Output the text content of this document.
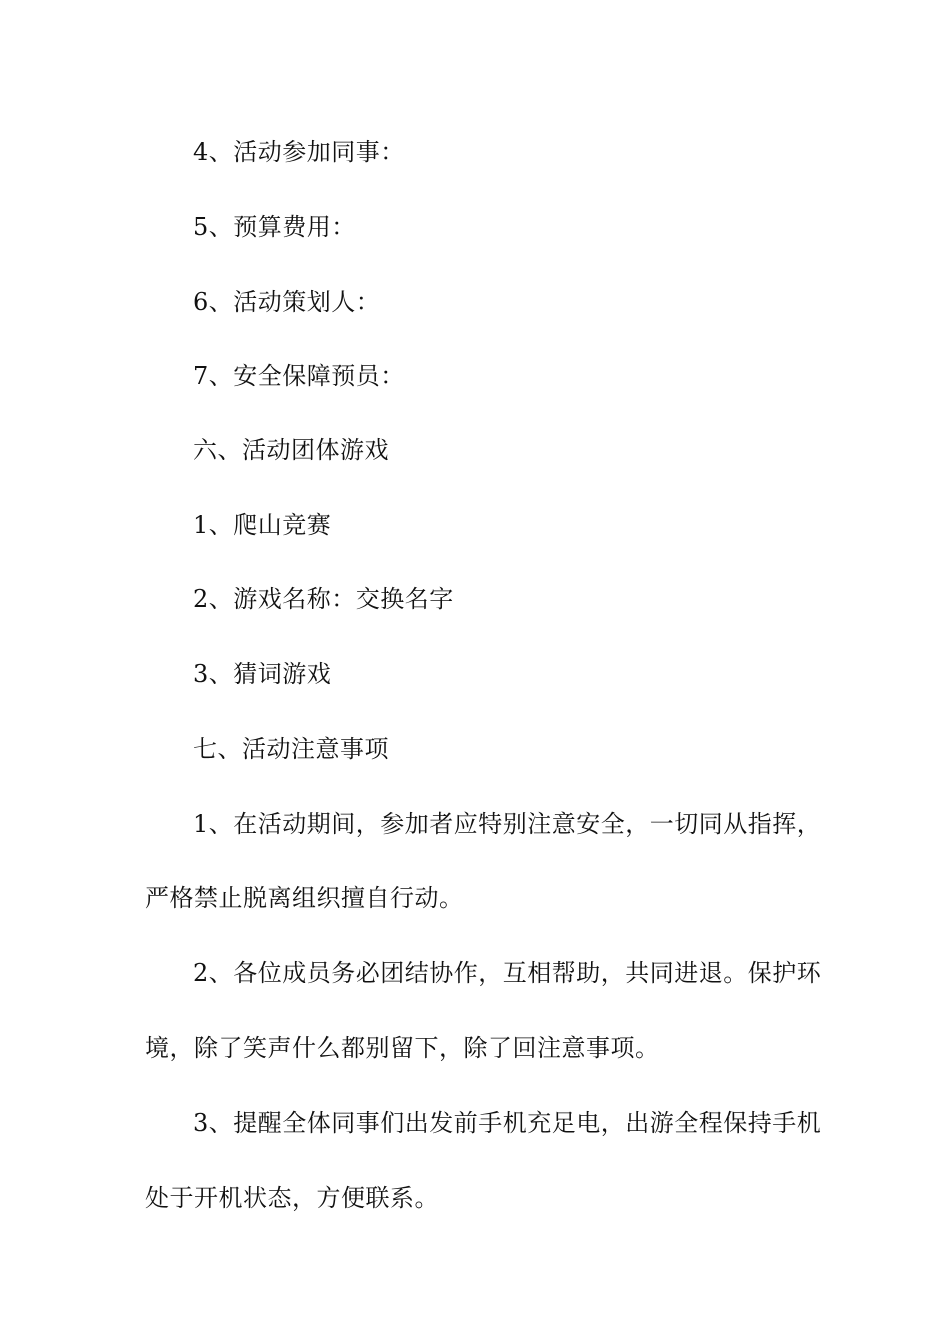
4、活动参加同事：
5、预算费用：
6、活动策划人：
7、安全保障预员：
六、活动团体游戏
1、爬山竞赛
2、游戏名称：交换名字
3、猜词游戏
七、活动注意事项
1、在活动期间，参加者应特别注意安全，一切同从指挥，
严格禁止脱离组织擅自行动。
2、各位成员务必团结协作，互相帮助，共同进退。保护环
境，除了笑声什么都别留下，除了回注意事项。
3、提醒全体同事们出发前手机充足电，出游全程保持手机
处于开机状态，方便联系。
